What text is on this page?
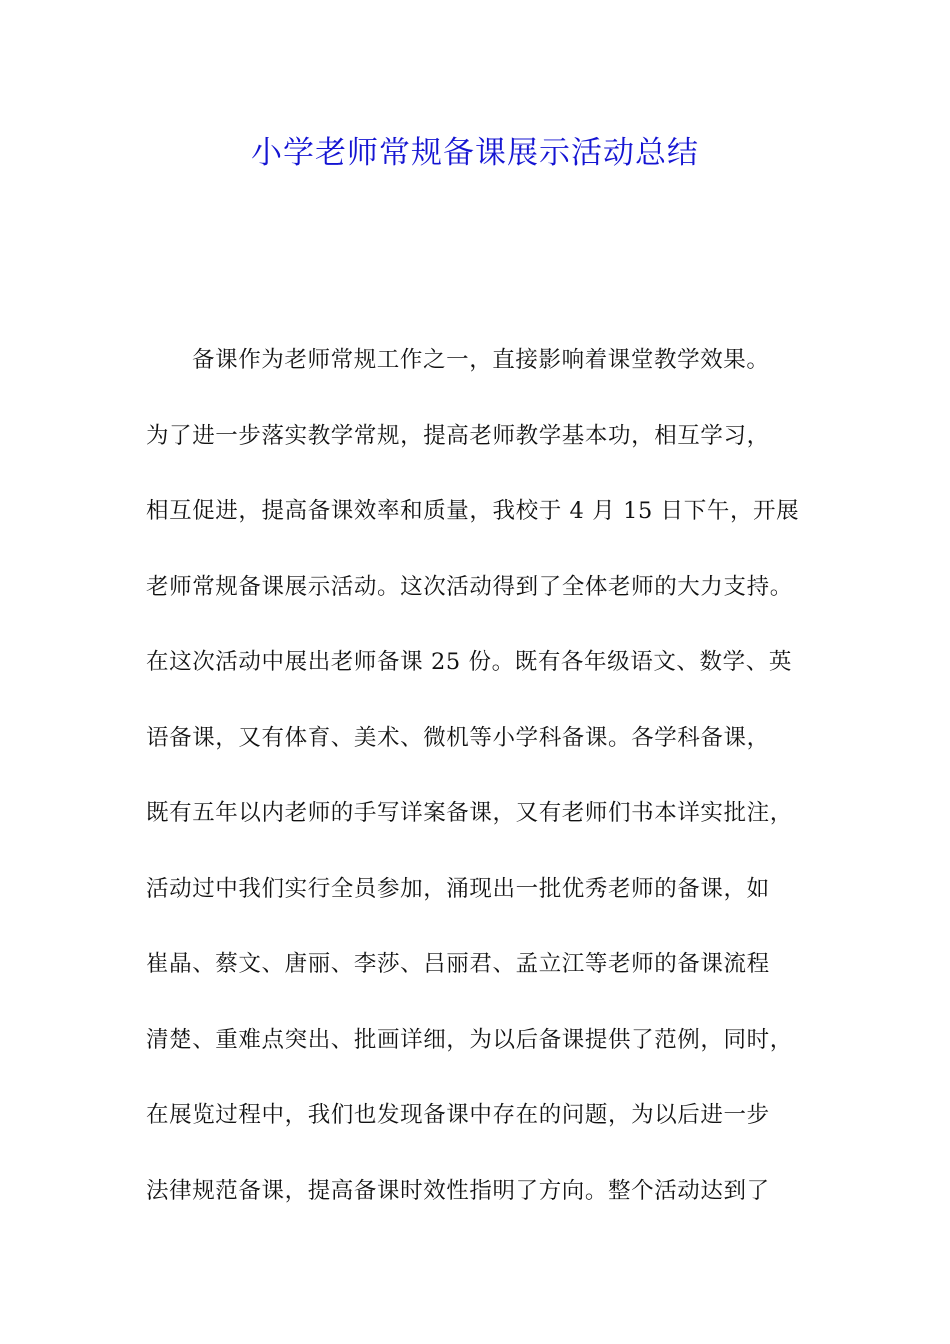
小学老师常规备课展示活动总结
备课作为老师常规工作之一，直接影响着课堂教学效果。
为了进一步落实教学常规，提高老师教学基本功，相互学习，
相互促进，提高备课效率和质量，我校于 4 月 15 日下午，开展
老师常规备课展示活动。这次活动得到了全体老师的大力支持。
在这次活动中展出老师备课 25 份。既有各年级语文、数学、英
语备课，又有体育、美术、微机等小学科备课。各学科备课，
既有五年以内老师的手写详案备课，又有老师们书本详实批注，
活动过中我们实行全员参加，涌现出一批优秀老师的备课，如
崔晶、蔡文、唐丽、李莎、吕丽君、孟立江等老师的备课流程
清楚、重难点突出、批画详细，为以后备课提供了范例，同时，
在展览过程中，我们也发现备课中存在的问题，为以后进一步
法律规范备课，提高备课时效性指明了方向。整个活动达到了
